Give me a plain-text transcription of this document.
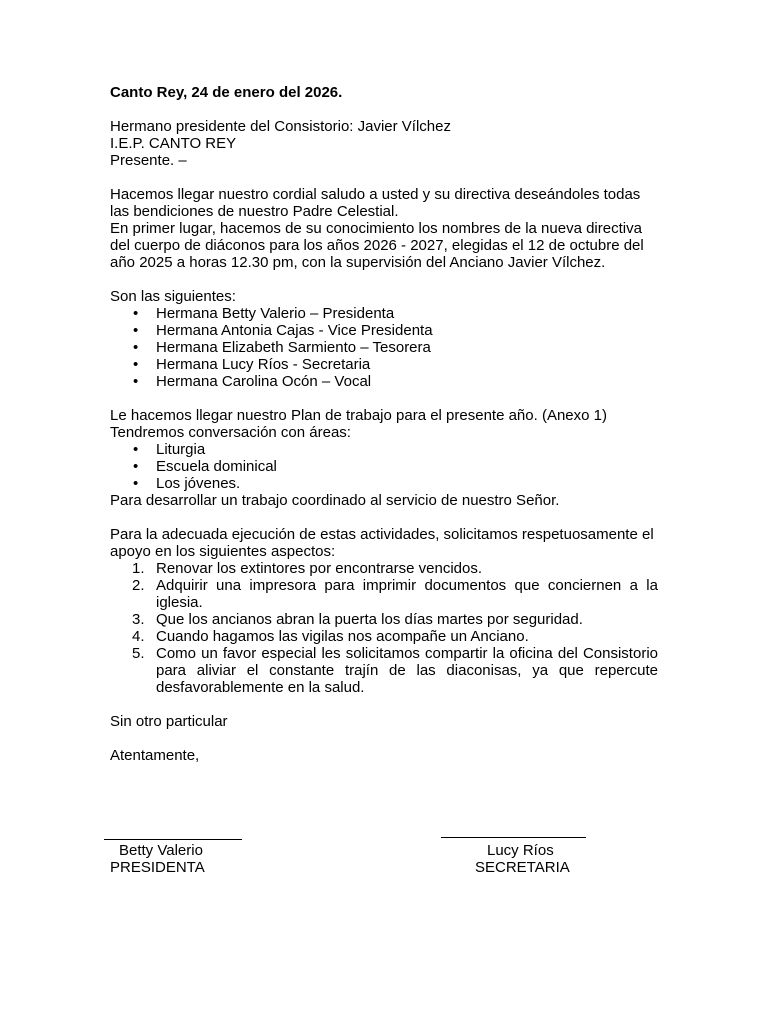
Canto Rey, 24 de enero del 2026.

Hermano presidente del Consistorio: Javier Vílchez

I.E.P. CANTO REY

Presente. –

Hacemos llegar nuestro cordial saludo a usted y su directiva deseándoles todas las bendiciones de nuestro Padre Celestial.

En primer lugar, hacemos de su conocimiento los nombres de la nueva directiva del cuerpo de diáconos para los años 2026 - 2027, elegidas el 12 de octubre del año 2025 a horas 12.30 pm, con la supervisión del Anciano Javier Vílchez.

Son las siguientes:

• Hermana Betty Valerio – Presidenta
• Hermana Antonia Cajas - Vice Presidenta
• Hermana Elizabeth Sarmiento – Tesorera
• Hermana Lucy Ríos - Secretaria
• Hermana Carolina Ocón – Vocal

Le hacemos llegar nuestro Plan de trabajo para el presente año. (Anexo 1)

Tendremos conversación con áreas:

• Liturgia
• Escuela dominical
• Los jóvenes.

Para desarrollar un trabajo coordinado al servicio de nuestro Señor.

Para la adecuada ejecución de estas actividades, solicitamos respetuosamente el apoyo en los siguientes aspectos:

1. Renovar los extintores por encontrarse vencidos.
2. Adquirir una impresora para imprimir documentos que conciernen a la iglesia.
3. Que los ancianos abran la puerta los días martes por seguridad.
4. Cuando hagamos las vigilas nos acompañe un Anciano.
5. Como un favor especial les solicitamos compartir la oficina del Consistorio para aliviar el constante trajín de las diaconisas, ya que repercute desfavorablemente en la salud.

Sin otro particular

Atentamente,

Betty Valerio

PRESIDENTA

Lucy Ríos

SECRETARIA
